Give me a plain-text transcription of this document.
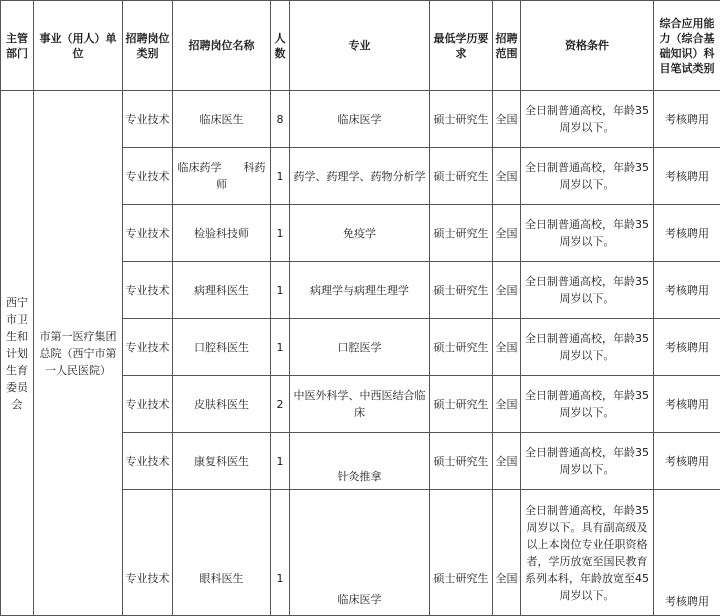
主管部门	事业（用人）单位	招聘岗位类别	招聘岗位名称	人数	专业	最低学历要求	招聘范围	资格条件	综合应用能力（综合基础知识）科目笔试类别
西宁市卫生和计划生育委员会	市第一医疗集团总院（西宁市第一人民医院）	专业技术	临床医生	8	临床医学	硕士研究生	全国	全日制普通高校，年龄35周岁以下。	考核聘用
		专业技术	临床药学　　科药师	1	药学、药理学、药物分析学	硕士研究生	全国	全日制普通高校，年龄35周岁以下。	考核聘用
		专业技术	检验科技师	1	免疫学	硕士研究生	全国	全日制普通高校，年龄35周岁以下。	考核聘用
		专业技术	病理科医生	1	病理学与病理生理学	硕士研究生	全国	全日制普通高校，年龄35周岁以下。	考核聘用
		专业技术	口腔科医生	1	口腔医学	硕士研究生	全国	全日制普通高校，年龄35周岁以下。	考核聘用
		专业技术	皮肤科医生	2	中医外科学、中西医结合临床	硕士研究生	全国	全日制普通高校，年龄35周岁以下。	考核聘用
		专业技术	康复科医生	1	针灸推拿	硕士研究生	全国	全日制普通高校，年龄35周岁以下。	考核聘用
		专业技术	眼科医生	1	临床医学	硕士研究生	全国	全日制普通高校，年龄35周岁以下。具有副高级及以上本岗位专业任职资格者，学历放宽至国民教育系列本科，年龄放宽至45周岁以下。	考核聘用
